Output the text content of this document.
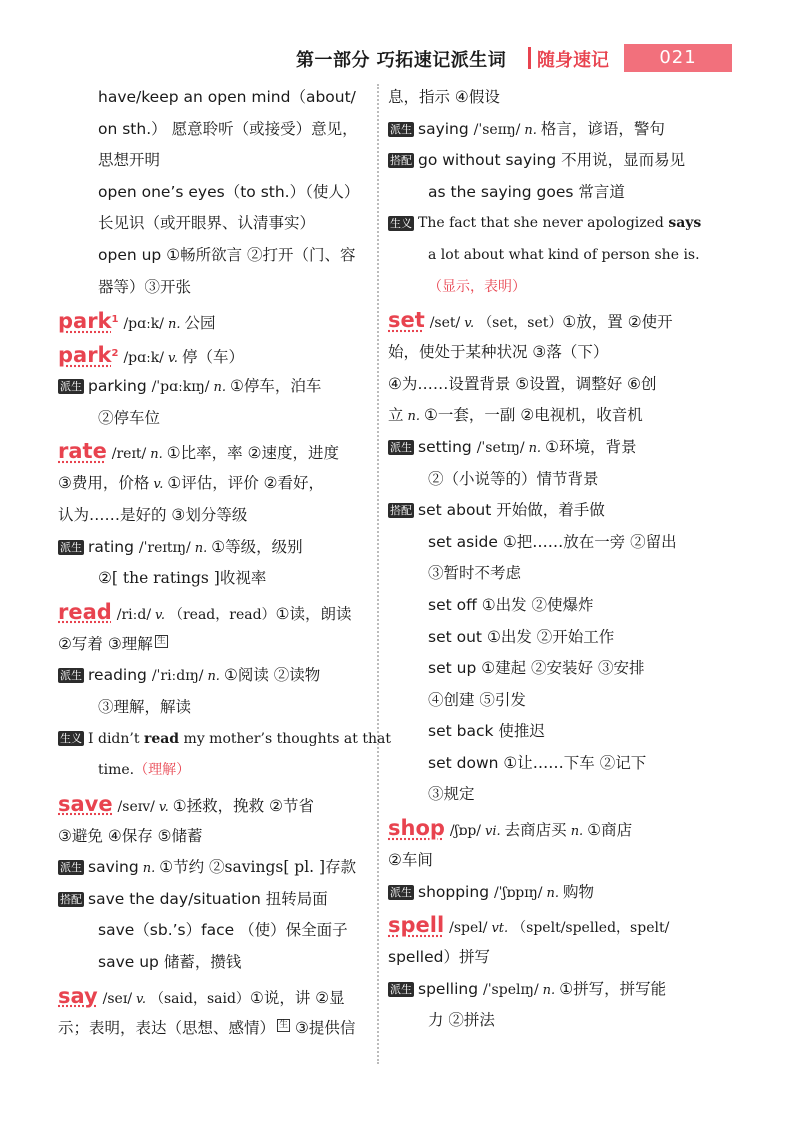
第一部分 巧拓速记派生词 随身速记	021
have/keep an open mind（about/
on sth.） 愿意聆听（或接受）意见，
思想开明
open one’s eyes（to sth.）（使人）
长见识（或开眼界、认清事实）
open up ①畅所欲言 ②打开（门、容
器等）③开张
park$^1$ /pɑːk/ n. 公园
park$^2$ /pɑːk/ v. 停（车）
派生 parking /ˈpɑːkɪŋ/ n. ①停车，泊车
②停车位
rate /reɪt/ n. ①比率，率 ②速度，进度
③费用，价格 v. ①评估，评价 ②看好，
认为……是好的 ③划分等级
派生 rating /ˈreɪtɪŋ/ n. ①等级，级别
②[ the ratings ]收视率
read /riːd/ v. （read，read）①读，朗读
②写着 ③理解 生
派生 reading /ˈriːdɪŋ/ n. ①阅读 ②读物
③理解，解读
生义 I didn’t read my mother’s thoughts at that
time.（理解）
save /seɪv/ v. ①拯救，挽救 ②节省
③避免 ④保存 ⑤储蓄
派生 saving n. ①节约 ②savings[ pl. ]存款
搭配 save the day/situation 扭转局面
save（sb.’s）face （使）保全面子
save up 储蓄，攒钱
say /seɪ/ v. （said，said）①说，讲 ②显
示；表明，表达（思想、感情） 生 ③提供信
息，指示 ④假设
派生 saying /ˈseɪɪŋ/ n. 格言，谚语，警句
搭配 go without saying 不用说，显而易见
as the saying goes 常言道
生义 The fact that she never apologized says
a lot about what kind of person she is.
（显示，表明）
set /set/ v. （set，set）①放，置 ②使开
始，使处于某种状况 ③落（下）
④为……设置背景 ⑤设置，调整好 ⑥创
立 n. ①一套，一副 ②电视机，收音机
派生 setting /ˈsetɪŋ/ n. ①环境，背景
②（小说等的）情节背景
搭配 set about 开始做，着手做
set aside ①把……放在一旁 ②留出
③暂时不考虑
set off ①出发 ②使爆炸
set out ①出发 ②开始工作
set up ①建起 ②安装好 ③安排
④创建 ⑤引发
set back 使推迟
set down ①让……下车 ②记下
③规定
shop /ʃɒp/ vi. 去商店买 n. ①商店
②车间
派生 shopping /ˈʃɒpɪŋ/ n. 购物
spell /spel/ vt. （spelt/spelled，spelt/
spelled）拼写
派生 spelling /ˈspelɪŋ/ n. ①拼写，拼写能
力 ②拼法
